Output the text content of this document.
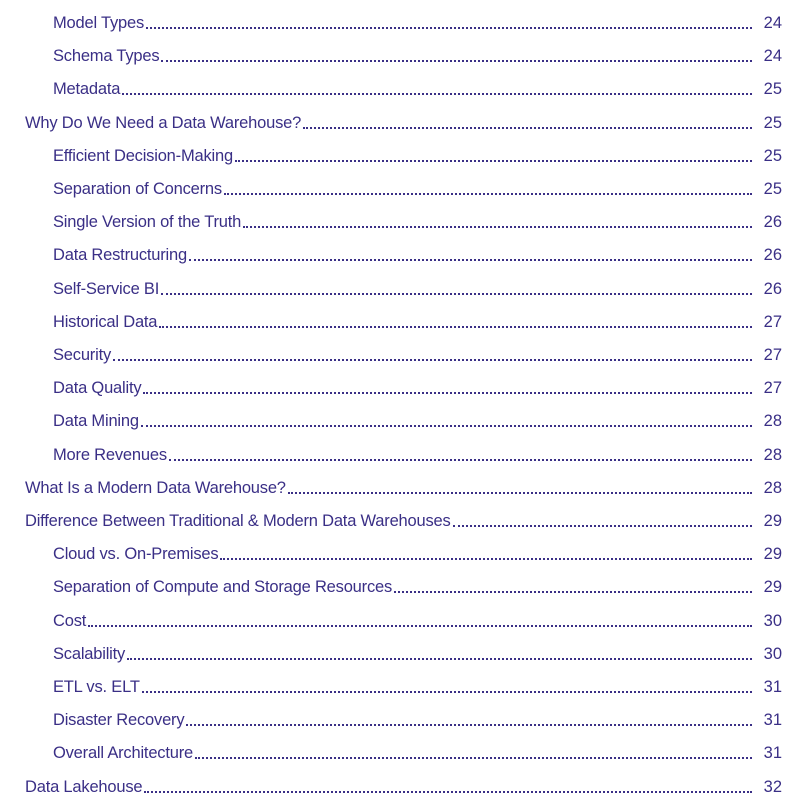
Model Types	24
Schema Types	24
Metadata	25
Why Do We Need a Data Warehouse?	25
Efficient Decision-Making	25
Separation of Concerns	25
Single Version of the Truth	26
Data Restructuring	26
Self-Service BI	26
Historical Data	27
Security	27
Data Quality	27
Data Mining	28
More Revenues	28
What Is a Modern Data Warehouse?	28
Difference Between Traditional & Modern Data Warehouses	29
Cloud vs. On-Premises	29
Separation of Compute and Storage Resources	29
Cost	30
Scalability	30
ETL vs. ELT	31
Disaster Recovery	31
Overall Architecture	31
Data Lakehouse	32
